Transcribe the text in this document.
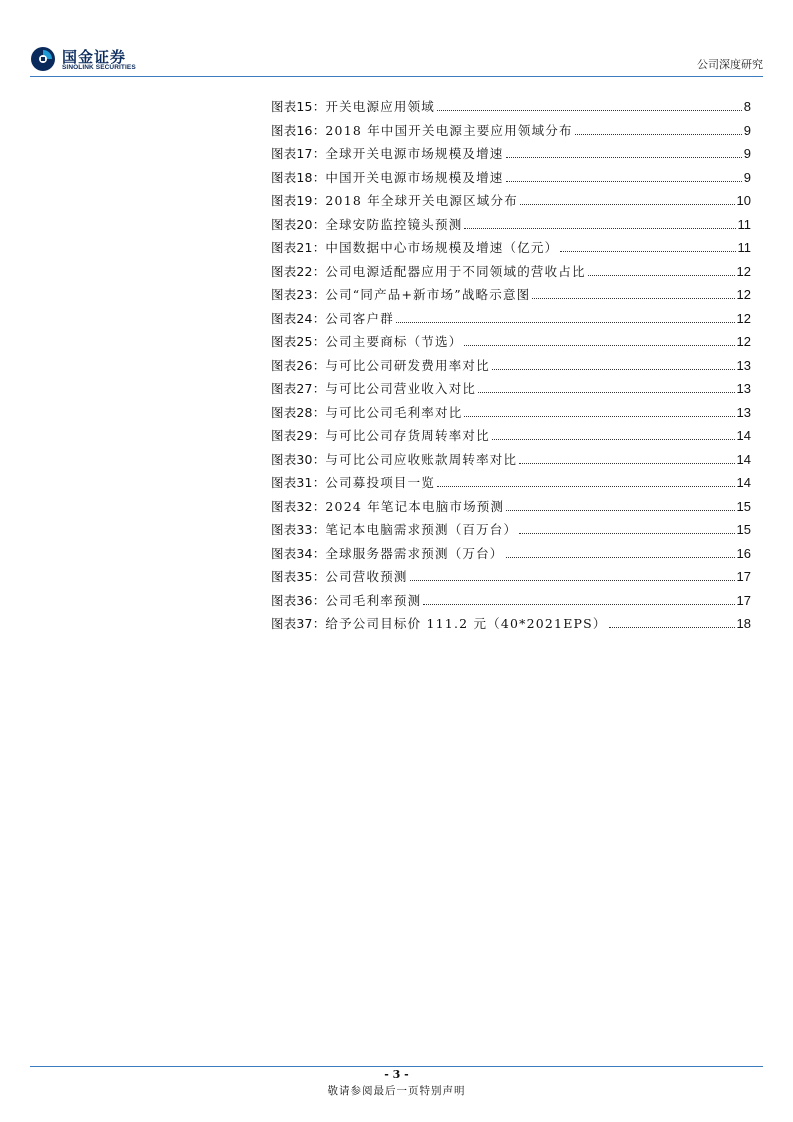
国金证券
SINOLINK SECURITIES	公司深度研究
图表15： 开关电源应用领域	8
图表16： 2018 年中国开关电源主要应用领域分布	9
图表17： 全球开关电源市场规模及增速	9
图表18： 中国开关电源市场规模及增速	9
图表19： 2018 年全球开关电源区域分布	10
图表20： 全球安防监控镜头预测	11
图表21： 中国数据中心市场规模及增速（亿元）	11
图表22： 公司电源适配器应用于不同领域的营收占比	12
图表23： 公司“同产品+新市场”战略示意图	12
图表24： 公司客户群	12
图表25： 公司主要商标（节选）	12
图表26： 与可比公司研发费用率对比	13
图表27： 与可比公司营业收入对比	13
图表28： 与可比公司毛利率对比	13
图表29： 与可比公司存货周转率对比	14
图表30： 与可比公司应收账款周转率对比	14
图表31： 公司募投项目一览	14
图表32： 2024 年笔记本电脑市场预测	15
图表33： 笔记本电脑需求预测（百万台）	15
图表34： 全球服务器需求预测（万台）	16
图表35： 公司营收预测	17
图表36： 公司毛利率预测	17
图表37： 给予公司目标价 111.2 元（40*2021EPS）	18
- 3 -
敬请参阅最后一页特别声明
